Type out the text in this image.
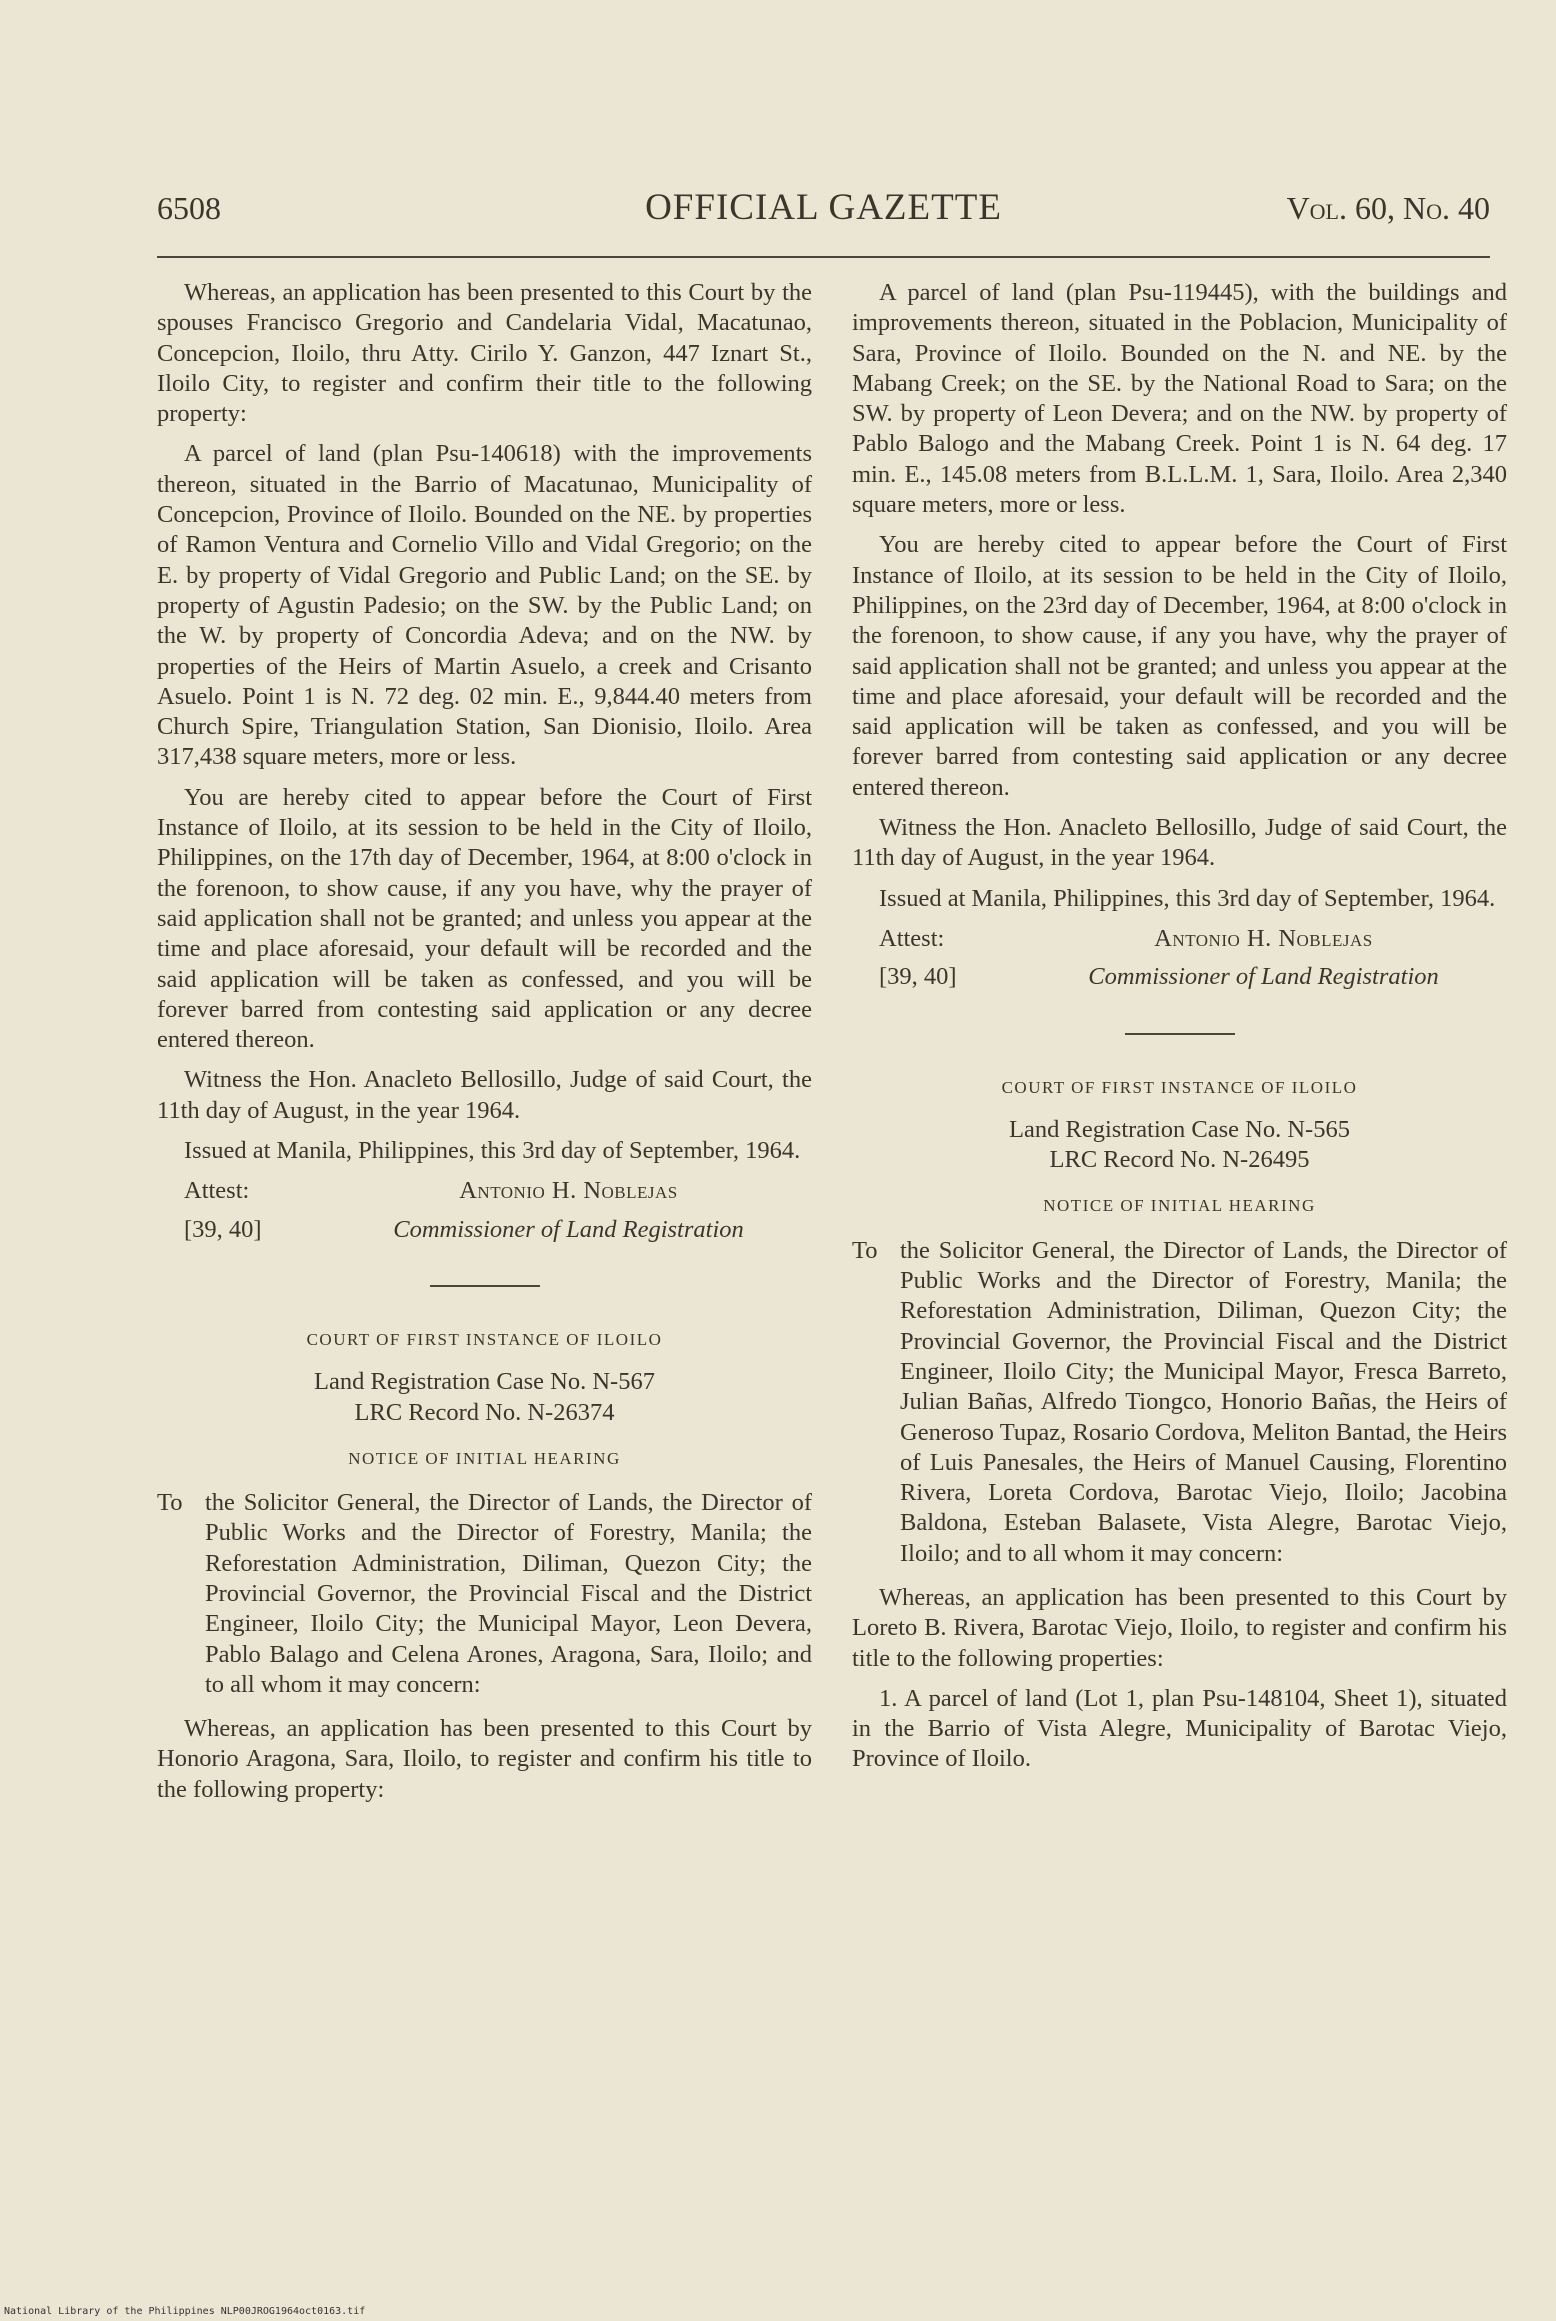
6508	OFFICIAL GAZETTE	Vol. 60, No. 40

Whereas, an application has been presented to this Court by the spouses Francisco Gregorio and Candelaria Vidal, Macatunao, Concepcion, Iloilo, thru Atty. Cirilo Y. Ganzon, 447 Iznart St., Iloilo City, to register and confirm their title to the following property:

A parcel of land (plan Psu-140618) with the improvements thereon, situated in the Barrio of Macatunao, Municipality of Concepcion, Province of Iloilo. Bounded on the NE. by properties of Ramon Ventura and Cornelio Villo and Vidal Gregorio; on the E. by property of Vidal Gregorio and Public Land; on the SE. by property of Agustin Padesio; on the SW. by the Public Land; on the W. by property of Concordia Adeva; and on the NW. by properties of the Heirs of Martin Asuelo, a creek and Crisanto Asuelo. Point 1 is N. 72 deg. 02 min. E., 9,844.40 meters from Church Spire, Triangulation Station, San Dionisio, Iloilo. Area 317,438 square meters, more or less.

You are hereby cited to appear before the Court of First Instance of Iloilo, at its session to be held in the City of Iloilo, Philippines, on the 17th day of December, 1964, at 8:00 o'clock in the forenoon, to show cause, if any you have, why the prayer of said application shall not be granted; and unless you appear at the time and place aforesaid, your default will be recorded and the said application will be taken as confessed, and you will be forever barred from contesting said application or any decree entered thereon.

Witness the Hon. Anacleto Bellosillo, Judge of said Court, the 11th day of August, in the year 1964.

Issued at Manila, Philippines, this 3rd day of September, 1964.

Attest:	Antonio H. Noblejas
[39, 40]	Commissioner of Land Registration
COURT OF FIRST INSTANCE OF ILOILO
Land Registration Case No. N-567
LRC Record No. N-26374
NOTICE OF INITIAL HEARING
To the Solicitor General, the Director of Lands, the Director of Public Works and the Director of Forestry, Manila; the Reforestation Administration, Diliman, Quezon City; the Provincial Governor, the Provincial Fiscal and the District Engineer, Iloilo City; the Municipal Mayor, Leon Devera, Pablo Balago and Celena Arones, Aragona, Sara, Iloilo; and to all whom it may concern:

Whereas, an application has been presented to this Court by Honorio Aragona, Sara, Iloilo, to register and confirm his title to the following property:

A parcel of land (plan Psu-119445), with the buildings and improvements thereon, situated in the Poblacion, Municipality of Sara, Province of Iloilo. Bounded on the N. and NE. by the Mabang Creek; on the SE. by the National Road to Sara; on the SW. by property of Leon Devera; and on the NW. by property of Pablo Balogo and the Mabang Creek. Point 1 is N. 64 deg. 17 min. E., 145.08 meters from B.L.L.M. 1, Sara, Iloilo. Area 2,340 square meters, more or less.

You are hereby cited to appear before the Court of First Instance of Iloilo, at its session to be held in the City of Iloilo, Philippines, on the 23rd day of December, 1964, at 8:00 o'clock in the forenoon, to show cause, if any you have, why the prayer of said application shall not be granted; and unless you appear at the time and place aforesaid, your default will be recorded and the said application will be taken as confessed, and you will be forever barred from contesting said application or any decree entered thereon.

Witness the Hon. Anacleto Bellosillo, Judge of said Court, the 11th day of August, in the year 1964.

Issued at Manila, Philippines, this 3rd day of September, 1964.

Attest:	Antonio H. Noblejas
[39, 40]	Commissioner of Land Registration
COURT OF FIRST INSTANCE OF ILOILO
Land Registration Case No. N-565
LRC Record No. N-26495
NOTICE OF INITIAL HEARING
To the Solicitor General, the Director of Lands, the Director of Public Works and the Director of Forestry, Manila; the Reforestation Administration, Diliman, Quezon City; the Provincial Governor, the Provincial Fiscal and the District Engineer, Iloilo City; the Municipal Mayor, Fresca Barreto, Julian Bañas, Alfredo Tiongco, Honorio Bañas, the Heirs of Generoso Tupaz, Rosario Cordova, Meliton Bantad, the Heirs of Luis Panesales, the Heirs of Manuel Causing, Florentino Rivera, Loreta Cordova, Barotac Viejo, Iloilo; Jacobina Baldona, Esteban Balasete, Vista Alegre, Barotac Viejo, Iloilo; and to all whom it may concern:

Whereas, an application has been presented to this Court by Loreto B. Rivera, Barotac Viejo, Iloilo, to register and confirm his title to the following properties:

1. A parcel of land (Lot 1, plan Psu-148104, Sheet 1), situated in the Barrio of Vista Alegre, Municipality of Barotac Viejo, Province of Iloilo.

National Library of the Philippines NLP00JROG1964oct0163.tif
